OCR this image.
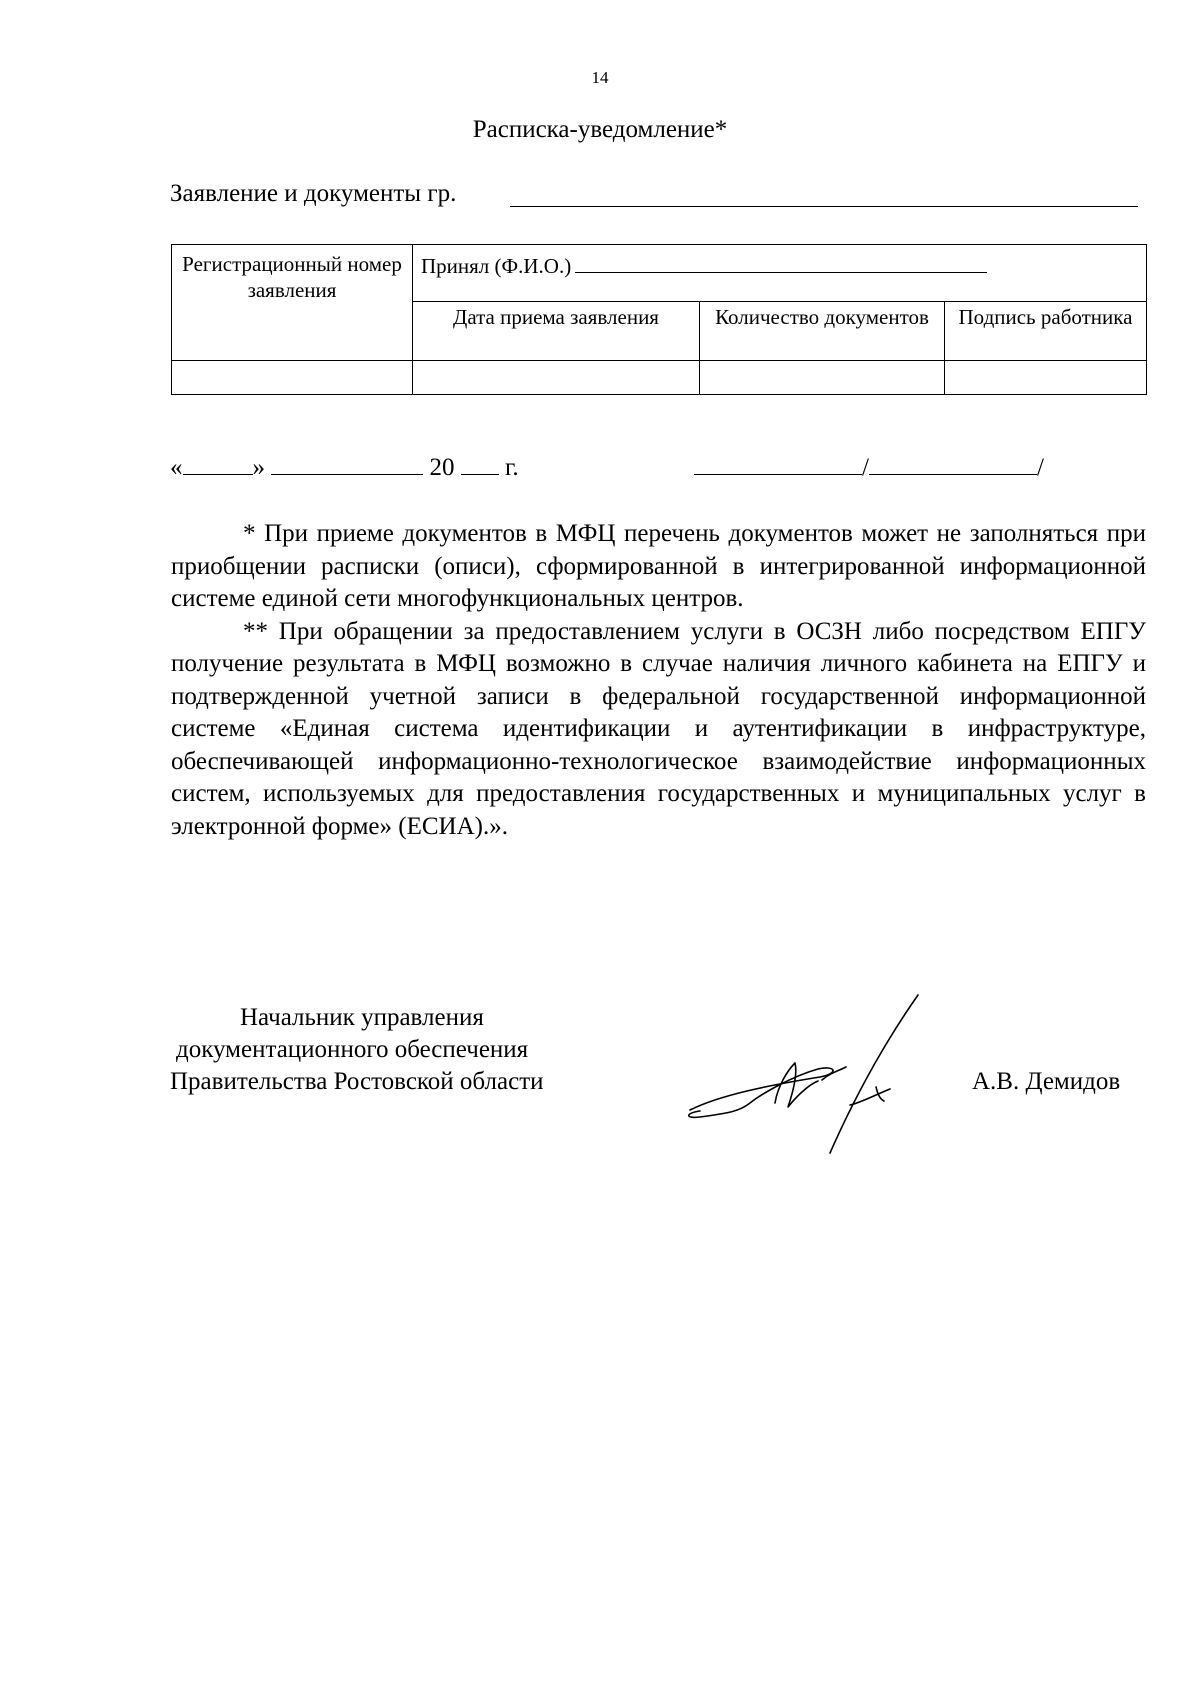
14
Расписка-уведомление*
Заявление и документы гр.
Регистрационный номер заявления	Принял (Ф.И.О.)		
	Дата приема заявления	Количество документов	Подпись работника

«	»	20 г.	/	/

* При приеме документов в МФЦ перечень документов может не заполняться при приобщении расписки (описи), сформированной в интегрированной информационной системе единой сети многофункциональных центров.

** При обращении за предоставлением услуги в ОСЗН либо посредством ЕПГУ получение результата в МФЦ возможно в случае наличия личного кабинета на ЕПГУ и подтвержденной учетной записи в федеральной государственной информационной системе «Единая система идентификации и аутентификации в инфраструктуре, обеспечивающей информационно-технологическое взаимодействие информационных систем, используемых для предоставления государственных и муниципальных услуг в электронной форме» (ЕСИА).».

Начальник управления
документационного обеспечения
Правительства Ростовской области	А.В. Демидов
